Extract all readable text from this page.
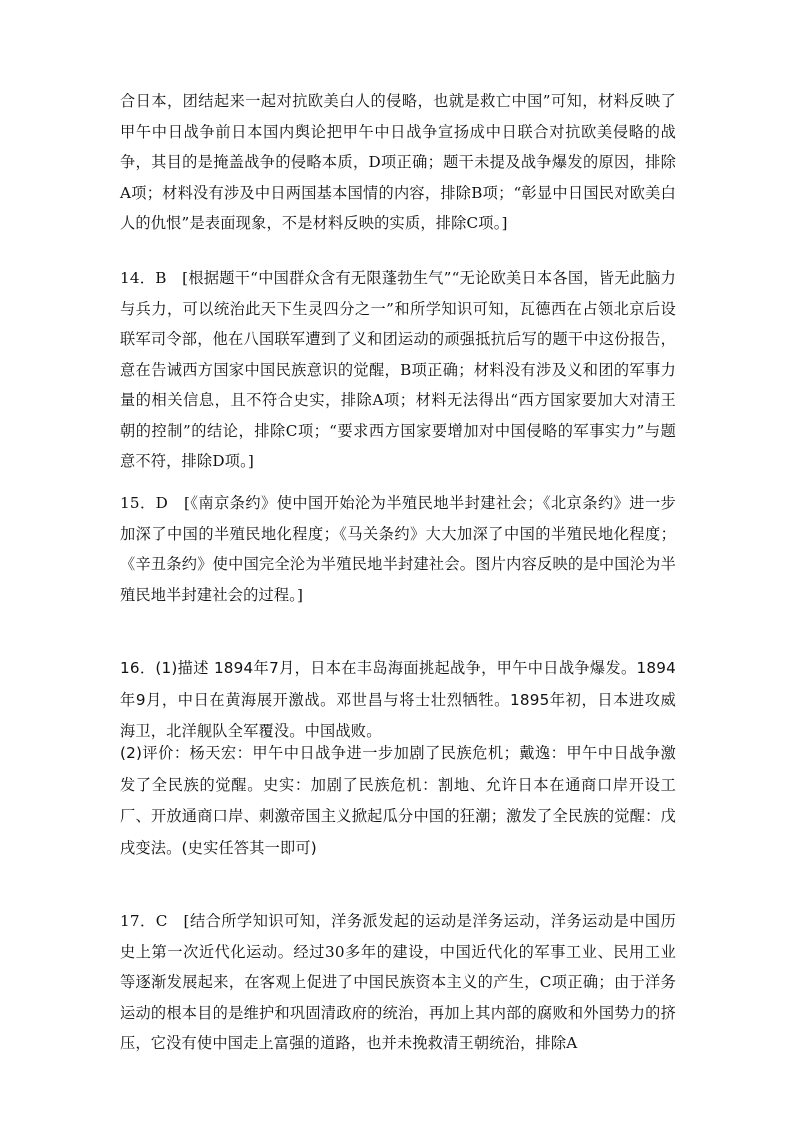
合日本，团结起来一起对抗欧美白人的侵略，也就是救亡中国”可知，材料反映了甲午中日战争前日本国内舆论把甲午中日战争宣扬成中日联合对抗欧美侵略的战争，其目的是掩盖战争的侵略本质，D项正确；题干未提及战争爆发的原因，排除A项；材料没有涉及中日两国基本国情的内容，排除B项；“彰显中日国民对欧美白人的仇恨”是表面现象，不是材料反映的实质，排除C项。]

14．B　[根据题干“中国群众含有无限蓬勃生气”“无论欧美日本各国，皆无此脑力与兵力，可以统治此天下生灵四分之一”和所学知识可知，瓦德西在占领北京后设联军司令部，他在八国联军遭到了义和团运动的顽强抵抗后写的题干中这份报告，意在告诫西方国家中国民族意识的觉醒，B项正确；材料没有涉及义和团的军事力量的相关信息，且不符合史实，排除A项；材料无法得出“西方国家要加大对清王朝的控制”的结论，排除C项；“要求西方国家要增加对中国侵略的军事实力”与题意不符，排除D项。]

15．D　[《南京条约》使中国开始沦为半殖民地半封建社会；《北京条约》进一步加深了中国的半殖民地化程度；《马关条约》大大加深了中国的半殖民地化程度；《辛丑条约》使中国完全沦为半殖民地半封建社会。图片内容反映的是中国沦为半殖民地半封建社会的过程。]

16．(1)描述 1894年7月，日本在丰岛海面挑起战争，甲午中日战争爆发。1894年9月，中日在黄海展开激战。邓世昌与将士壮烈牺牲。1895年初，日本进攻威海卫，北洋舰队全军覆没。中国战败。

(2)评价：杨天宏：甲午中日战争进一步加剧了民族危机；戴逸：甲午中日战争激发了全民族的觉醒。史实：加剧了民族危机：割地、允许日本在通商口岸开设工厂、开放通商口岸、刺激帝国主义掀起瓜分中国的狂潮；激发了全民族的觉醒：戊戌变法。(史实任答其一即可)

17．C　[结合所学知识可知，洋务派发起的运动是洋务运动，洋务运动是中国历史上第一次近代化运动。经过30多年的建设，中国近代化的军事工业、民用工业等逐渐发展起来，在客观上促进了中国民族资本主义的产生，C项正确；由于洋务运动的根本目的是维护和巩固清政府的统治，再加上其内部的腐败和外国势力的挤压，它没有使中国走上富强的道路，也并未挽救清王朝统治，排除A
